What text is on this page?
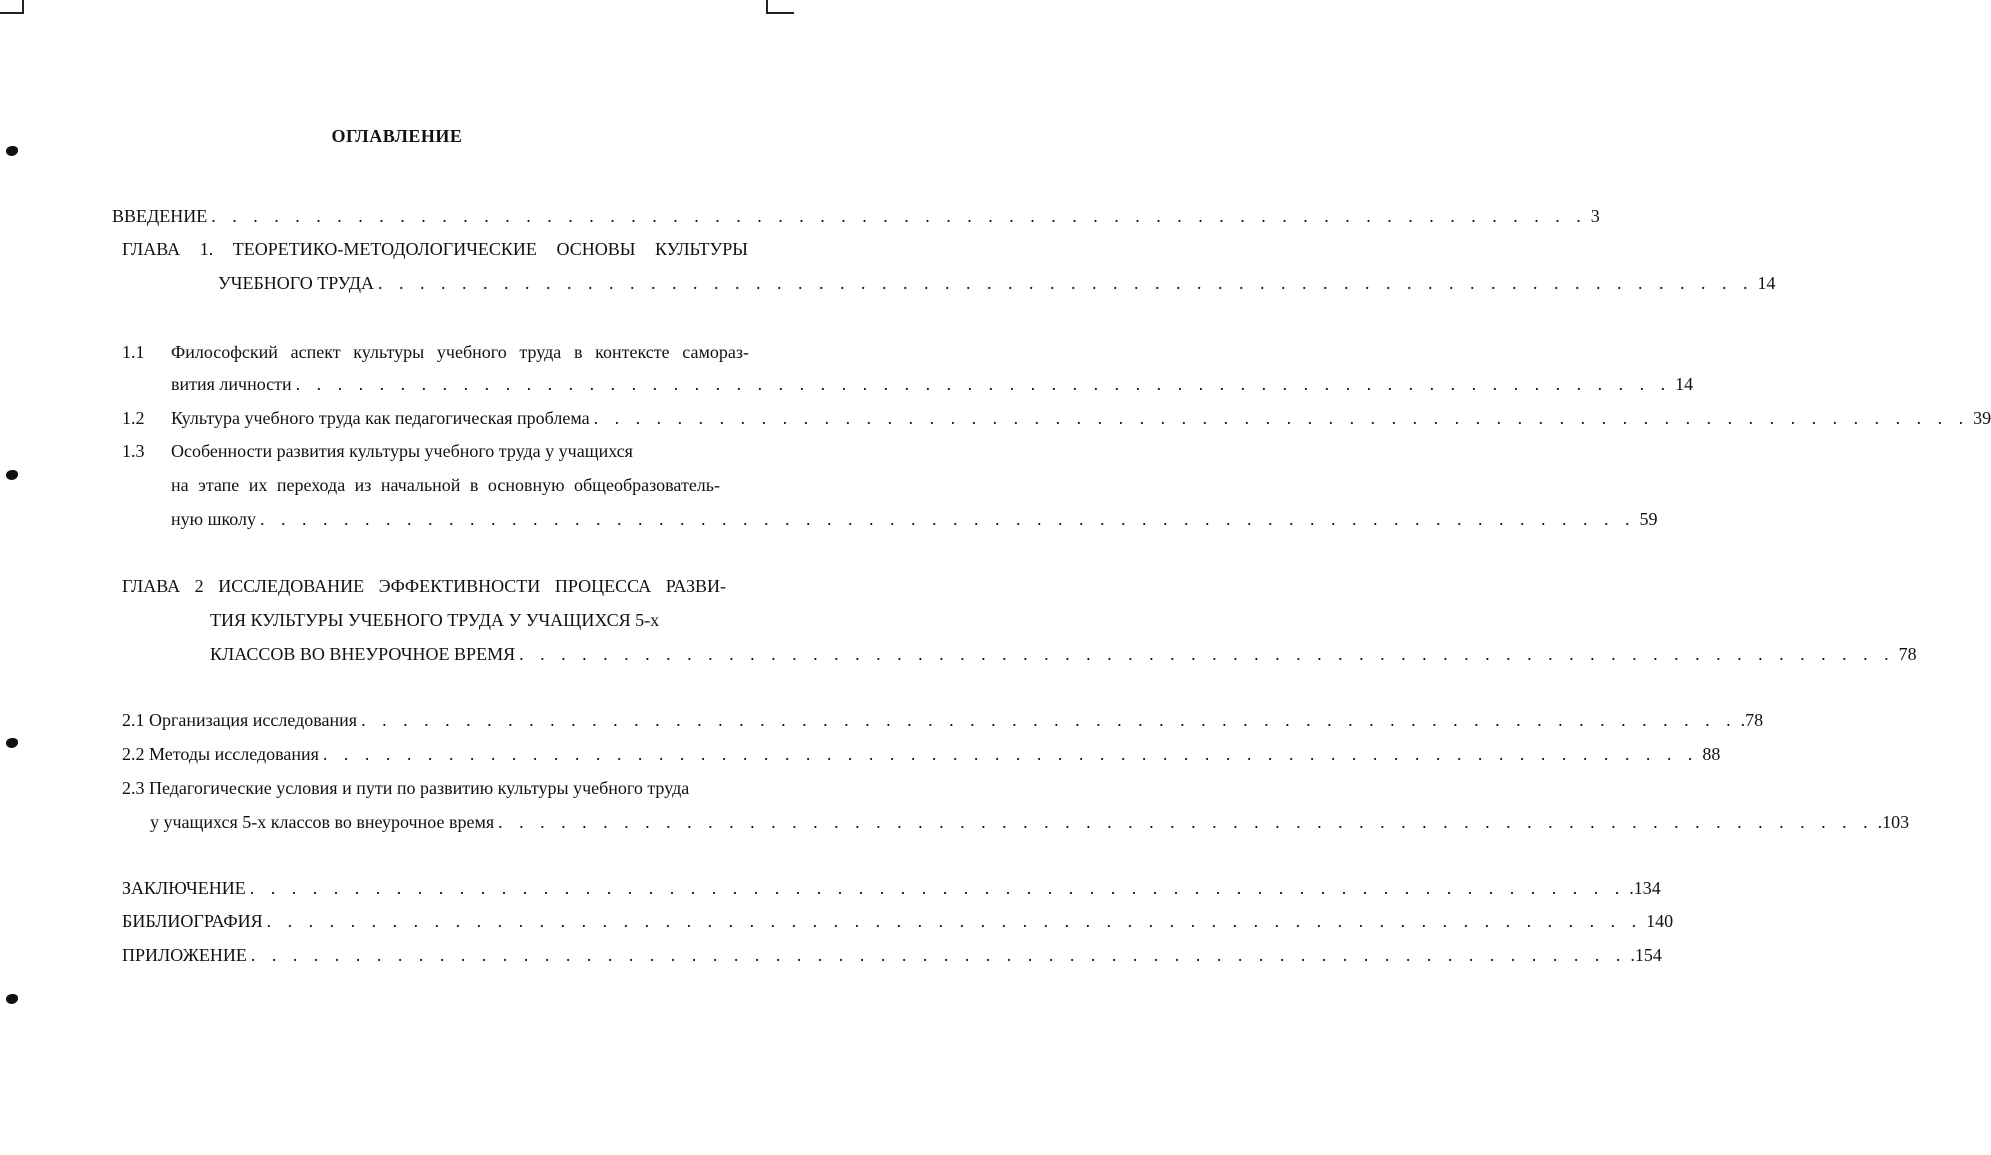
ОГЛАВЛЕНИЕ
ВВЕДЕНИЕ . . . . . . . . . . . . . . . . . . . . . . . . . . . . . . . . . . . . . . . . . . . . . . . . . . . . . . . . . . . . . . . . . . 3
ГЛАВА 1. ТЕОРЕТИКО-МЕТОДОЛОГИЧЕСКИЕ ОСНОВЫ КУЛЬТУРЫ
УЧЕБНОГО ТРУДА . . . . . . . . . . . . . . . . . . . . . . . . . . . . . . . . . . . . . . . . . . . . . . . . . . . . . . . . . . . . . . . . . . 14
1.1 Философский аспект культуры учебного труда в контексте самораз-
вития личности . . . . . . . . . . . . . . . . . . . . . . . . . . . . . . . . . . . . . . . . . . . . . . . . . . . . . . . . . . . . . . . . . . 14
1.2 Культура учебного труда как педагогическая проблема . . . . . . . . . . . . . . . . . . . . . . . . . . . . . . . . . . . . . . . . . . . . . . . . . . . . . . . . . . . . . . . . . . 39
1.3 Особенности развития культуры учебного труда у учащихся
на этапе их перехода из начальной в основную общеобразователь-
ную школу . . . . . . . . . . . . . . . . . . . . . . . . . . . . . . . . . . . . . . . . . . . . . . . . . . . . . . . . . . . . . . . . . . 59
ГЛАВА 2 ИССЛЕДОВАНИЕ ЭФФЕКТИВНОСТИ ПРОЦЕССА РАЗВИ-
ТИЯ КУЛЬТУРЫ УЧЕБНОГО ТРУДА У УЧАЩИХСЯ 5-х
КЛАССОВ ВО ВНЕУРОЧНОЕ ВРЕМЯ . . . . . . . . . . . . . . . . . . . . . . . . . . . . . . . . . . . . . . . . . . . . . . . . . . . . . . . . . . . . . . . . . . 78
2.1 Организация исследования . . . . . . . . . . . . . . . . . . . . . . . . . . . . . . . . . . . . . . . . . . . . . . . . . . . . . . . . . . . . . . . . . . .78
2.2 Методы исследования . . . . . . . . . . . . . . . . . . . . . . . . . . . . . . . . . . . . . . . . . . . . . . . . . . . . . . . . . . . . . . . . . . 88
2.3 Педагогические условия и пути по развитию культуры учебного труда
у учащихся 5-х классов во внеурочное время . . . . . . . . . . . . . . . . . . . . . . . . . . . . . . . . . . . . . . . . . . . . . . . . . . . . . . . . . . . . . . . . . . .103
ЗАКЛЮЧЕНИЕ . . . . . . . . . . . . . . . . . . . . . . . . . . . . . . . . . . . . . . . . . . . . . . . . . . . . . . . . . . . . . . . . . . .134
БИБЛИОГРАФИЯ . . . . . . . . . . . . . . . . . . . . . . . . . . . . . . . . . . . . . . . . . . . . . . . . . . . . . . . . . . . . . . . . . . 140
ПРИЛОЖЕНИЕ . . . . . . . . . . . . . . . . . . . . . . . . . . . . . . . . . . . . . . . . . . . . . . . . . . . . . . . . . . . . . . . . . . .154
